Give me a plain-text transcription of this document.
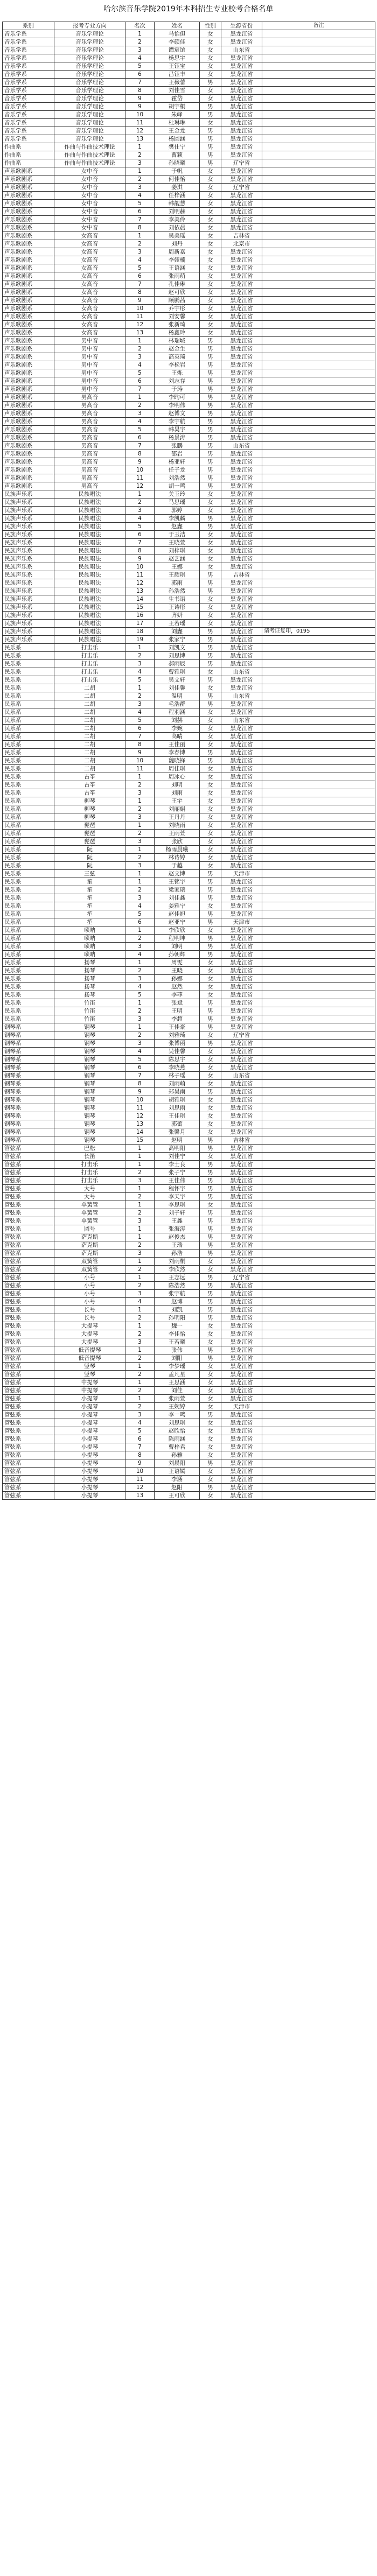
哈尔滨音乐学院2019年本科招生专业校考合格名单
系别	报考专业方向	名次	姓名	性别	生源省份	备注
音乐学系	音乐学理论	1	马怡但	女	黑龙江省
音乐学系	音乐学理论	2	李硕佳	女	黑龙江省
音乐学系	音乐学理论	3	谭宸谊	女	山东省
音乐学系	音乐学理论	4	杨思宇	女	黑龙江省
音乐学系	音乐学理论	5	王钰宝	女	黑龙江省
音乐学系	音乐学理论	6	吕钰丰	女	黑龙江省
音乐学系	音乐学理论	7	王薇蕾	男	黑龙江省
音乐学系	音乐学理论	8	刘佳雪	女	黑龙江省
音乐学系	音乐学理论	9	霍岱	女	黑龙江省
音乐学系	音乐学理论	9	胡宇桐	男	黑龙江省
音乐学系	音乐学理论	10	朱峰	男	黑龙江省
音乐学系	音乐学理论	11	杜琳琳	女	黑龙江省
音乐学系	音乐学理论	12	王金龙	男	黑龙江省
音乐学系	音乐学理论	13	杨圆涵	男	黑龙江省
作曲系	作曲与作曲技术理论	1	樊仕宁	男	黑龙江省
作曲系	作曲与作曲技术理论	2	曹颖	男	黑龙江省
作曲系	作曲与作曲技术理论	3	孙晓曦	男	辽宁省
声乐歌剧系	女中音	1	于帆	女	黑龙江省
声乐歌剧系	女中音	2	何佳怡	女	黑龙江省
声乐歌剧系	女中音	3	姜淇	女	辽宁省
声乐歌剧系	女中音	4	任梓涵	女	黑龙江省
声乐歌剧系	女中音	5	韩靓慧	女	黑龙江省
声乐歌剧系	女中音	6	刘明赫	女	黑龙江省
声乐歌剧系	女中音	7	李美伶	女	黑龙江省
声乐歌剧系	女中音	8	刘依晨	女	黑龙江省
声乐歌剧系	女高音	1	吴美瑶	女	吉林省
声乐歌剧系	女高音	2	刘丹	女	北京市
声乐歌剧系	女高音	3	周新嘉	女	黑龙江省
声乐歌剧系	女高音	4	李娅楠	女	黑龙江省
声乐歌剧系	女高音	5	王语涵	女	黑龙江省
声乐歌剧系	女高音	6	张雨萌	女	黑龙江省
声乐歌剧系	女高音	7	孔佳琳	女	黑龙江省
声乐歌剧系	女高音	8	赵可欣	女	黑龙江省
声乐歌剧系	女高音	9	顾鹏茜	女	黑龙江省
声乐歌剧系	女高音	10	乔宇彤	女	黑龙江省
声乐歌剧系	女高音	11	刘安馨	女	黑龙江省
声乐歌剧系	女高音	12	张新琦	女	黑龙江省
声乐歌剧系	女高音	13	杨鑫玲	女	黑龙江省
声乐歌剧系	男中音	1	林瑞城	男	黑龙江省
声乐歌剧系	男中音	2	赵金生	男	黑龙江省
声乐歌剧系	男中音	3	高英琦	男	黑龙江省
声乐歌剧系	男中音	4	李松岩	男	黑龙江省
声乐歌剧系	男中音	5	王烁	男	黑龙江省
声乐歌剧系	男中音	6	刘志存	男	黑龙江省
声乐歌剧系	男中音	7	于涛	男	黑龙江省
声乐歌剧系	男高音	1	李昀可	男	黑龙江省
声乐歌剧系	男高音	2	李明伟	男	黑龙江省
声乐歌剧系	男高音	3	赵博文	男	黑龙江省
声乐歌剧系	男高音	4	李宇航	男	黑龙江省
声乐歌剧系	男高音	5	韩昊宇	男	黑龙江省
声乐歌剧系	男高音	6	杨景涛	男	黑龙江省
声乐歌剧系	男高音	7	张鹏	男	山东省
声乐歌剧系	男高音	8	邵岩	男	黑龙江省
声乐歌剧系	男高音	9	杨亚轩	男	黑龙江省
声乐歌剧系	男高音	10	任子龙	男	黑龙江省
声乐歌剧系	男高音	11	刘浩然	男	黑龙江省
声乐歌剧系	男高音	12	胡一鸣	男	黑龙江省
民族声乐系	民族唱法	1	关玉玲	女	黑龙江省
民族声乐系	民族唱法	2	马思瑶	女	黑龙江省
民族声乐系	民族唱法	3	郭婷	女	黑龙江省
民族声乐系	民族唱法	4	李凯麟	男	黑龙江省
民族声乐系	民族唱法	5	赵鑫	男	黑龙江省
民族声乐系	民族唱法	6	于玉洁	女	黑龙江省
民族声乐系	民族唱法	7	王晓萱	女	黑龙江省
民族声乐系	民族唱法	8	刘梓琪	女	黑龙江省
民族声乐系	民族唱法	9	赵艺涵	女	黑龙江省
民族声乐系	民族唱法	10	王娜	女	黑龙江省
民族声乐系	民族唱法	11	王耀琪	男	吉林省
民族声乐系	民族唱法	12	郭雨	男	黑龙江省
民族声乐系	民族唱法	13	孙浩然	男	黑龙江省
民族声乐系	民族唱法	14	生书语	女	黑龙江省
民族声乐系	民族唱法	15	王诗彤	女	黑龙江省
民族声乐系	民族唱法	16	齐妍	女	黑龙江省
民族声乐系	民族唱法	17	王若瑶	女	黑龙江省
民族声乐系	民族唱法	18	刘鑫	男	黑龙江省	请考证复印，0195
民族声乐系	民族唱法	19	张家宁	男	黑龙江省
民乐系	打击乐	1	刘凯文	男	黑龙江省
民乐系	打击乐	2	刘思博	男	黑龙江省
民乐系	打击乐	3	郝雨辰	男	黑龙江省
民乐系	打击乐	4	曹雅琪	女	山东省
民乐系	打击乐	5	吴文轩	男	黑龙江省
民乐系	二胡	1	刘佳馨	女	黑龙江省
民乐系	二胡	2	温明	男	山东省
民乐系	二胡	3	毛浩群	男	黑龙江省
民乐系	二胡	4	程羽涵	女	黑龙江省
民乐系	二胡	5	刘赫	女	山东省
民乐系	二胡	6	李婉	女	黑龙江省
民乐系	二胡	7	高晴	女	黑龙江省
民乐系	二胡	8	王佳丽	女	黑龙江省
民乐系	二胡	9	李春博	男	黑龙江省
民乐系	二胡	10	魏晓锋	男	黑龙江省
民乐系	二胡	11	周佳琪	女	黑龙江省
民乐系	古筝	1	周冰心	女	黑龙江省
民乐系	古筝	2	刘明	女	黑龙江省
民乐系	古筝	3	刘雨	女	黑龙江省
民乐系	柳琴	1	王宇	女	黑龙江省
民乐系	柳琴	2	刘丽娟	女	黑龙江省
民乐系	柳琴	3	王丹丹	女	黑龙江省
民乐系	琵琶	1	刘晓雨	女	黑龙江省
民乐系	琵琶	2	王雨萱	女	黑龙江省
民乐系	琵琶	3	张欣	女	黑龙江省
民乐系	阮	1	杨雨晨曦	女	黑龙江省
民乐系	阮	2	林诗婷	女	黑龙江省
民乐系	阮	3	于越	女	黑龙江省
民乐系	三弦	1	赵文博	男	天津市
民乐系	笙	1	王铭宇	男	黑龙江省
民乐系	笙	2	梁家瑞	男	黑龙江省
民乐系	笙	3	刘佳鑫	男	黑龙江省
民乐系	笙	4	姜雅宁	女	黑龙江省
民乐系	笙	5	赵佳旭	男	黑龙江省
民乐系	笙	6	赵亚宁	男	天津市
民乐系	唢呐	1	李欣欣	女	黑龙江省
民乐系	唢呐	2	程明坤	男	黑龙江省
民乐系	唢呐	3	刘明	男	黑龙江省
民乐系	唢呐	4	孙朝辉	男	黑龙江省
民乐系	扬琴	1	周雯	女	黑龙江省
民乐系	扬琴	2	王晓	女	黑龙江省
民乐系	扬琴	3	孙娜	女	黑龙江省
民乐系	扬琴	4	赵然	女	黑龙江省
民乐系	扬琴	5	李菲	女	黑龙江省
民乐系	竹笛	1	张斌	男	黑龙江省
民乐系	竹笛	2	王明	男	黑龙江省
民乐系	竹笛	3	李超	男	黑龙江省
钢琴系	钢琴	1	王佳豪	男	黑龙江省
钢琴系	钢琴	2	刘雅琦	女	辽宁省
钢琴系	钢琴	3	张博函	男	黑龙江省
钢琴系	钢琴	4	吴佳馨	女	黑龙江省
钢琴系	钢琴	5	陈思宇	女	黑龙江省
钢琴系	钢琴	6	李晓燕	女	黑龙江省
钢琴系	钢琴	7	林子瑶	女	山东省
钢琴系	钢琴	8	刘雨萌	女	黑龙江省
钢琴系	钢琴	9	郑昊南	男	黑龙江省
钢琴系	钢琴	10	胡雅琪	女	黑龙江省
钢琴系	钢琴	11	刘思雨	女	黑龙江省
钢琴系	钢琴	12	王佳琪	女	黑龙江省
钢琴系	钢琴	13	郭蕾	女	黑龙江省
钢琴系	钢琴	14	张馨月	女	黑龙江省
钢琴系	钢琴	15	赵明	男	吉林省
管弦系	巴松	1	高明阳	男	黑龙江省
管弦系	长笛	1	刘佳宁	女	黑龙江省
管弦系	打击乐	1	李士良	男	黑龙江省
管弦系	打击乐	2	张子宁	男	黑龙江省
管弦系	打击乐	3	王佳伟	男	黑龙江省
管弦系	大号	1	程怀宇	男	黑龙江省
管弦系	大号	2	李天宇	男	黑龙江省
管弦系	单簧管	1	李思琪	女	黑龙江省
管弦系	单簧管	2	刘子轩	男	黑龙江省
管弦系	单簧管	3	王鑫	男	黑龙江省
管弦系	圆号	1	张海涛	男	黑龙江省
管弦系	萨克斯	1	赵俊杰	男	黑龙江省
管弦系	萨克斯	2	王瑞	男	黑龙江省
管弦系	萨克斯	3	孙浩	男	黑龙江省
管弦系	双簧管	1	刘雨桐	女	黑龙江省
管弦系	双簧管	2	李欣然	女	黑龙江省
管弦系	小号	1	王志远	男	辽宁省
管弦系	小号	2	陈浩然	男	黑龙江省
管弦系	小号	3	张宇航	男	黑龙江省
管弦系	小号	4	赵博	男	黑龙江省
管弦系	长号	1	刘凯	男	黑龙江省
管弦系	长号	2	孙明阳	男	黑龙江省
管弦系	大提琴	1	魏一	女	黑龙江省
管弦系	大提琴	2	李佳怡	女	黑龙江省
管弦系	大提琴	3	王若曦	女	黑龙江省
管弦系	低音提琴	1	张伟	男	黑龙江省
管弦系	低音提琴	2	刘阳	男	黑龙江省
管弦系	竖琴	1	李梦瑶	女	黑龙江省
管弦系	竖琴	2	孟凡星	女	黑龙江省
管弦系	中提琴	1	王思涵	女	黑龙江省
管弦系	中提琴	2	刘佳	女	黑龙江省
管弦系	小提琴	1	张雨萱	女	黑龙江省
管弦系	小提琴	2	王婉婷	女	天津市
管弦系	小提琴	3	李一鸣	男	黑龙江省
管弦系	小提琴	4	刘思琪	女	黑龙江省
管弦系	小提琴	5	赵欣怡	女	黑龙江省
管弦系	小提琴	6	陈雨涵	女	黑龙江省
管弦系	小提琴	7	曹梓君	女	黑龙江省
管弦系	小提琴	8	孙雅	女	黑龙江省
管弦系	小提琴	9	刘晨阳	男	黑龙江省
管弦系	小提琴	10	王语嫣	女	黑龙江省
管弦系	小提琴	11	李涵	女	黑龙江省
管弦系	小提琴	12	赵阳	男	黑龙江省
管弦系	小提琴	13	王可欣	女	黑龙江省
